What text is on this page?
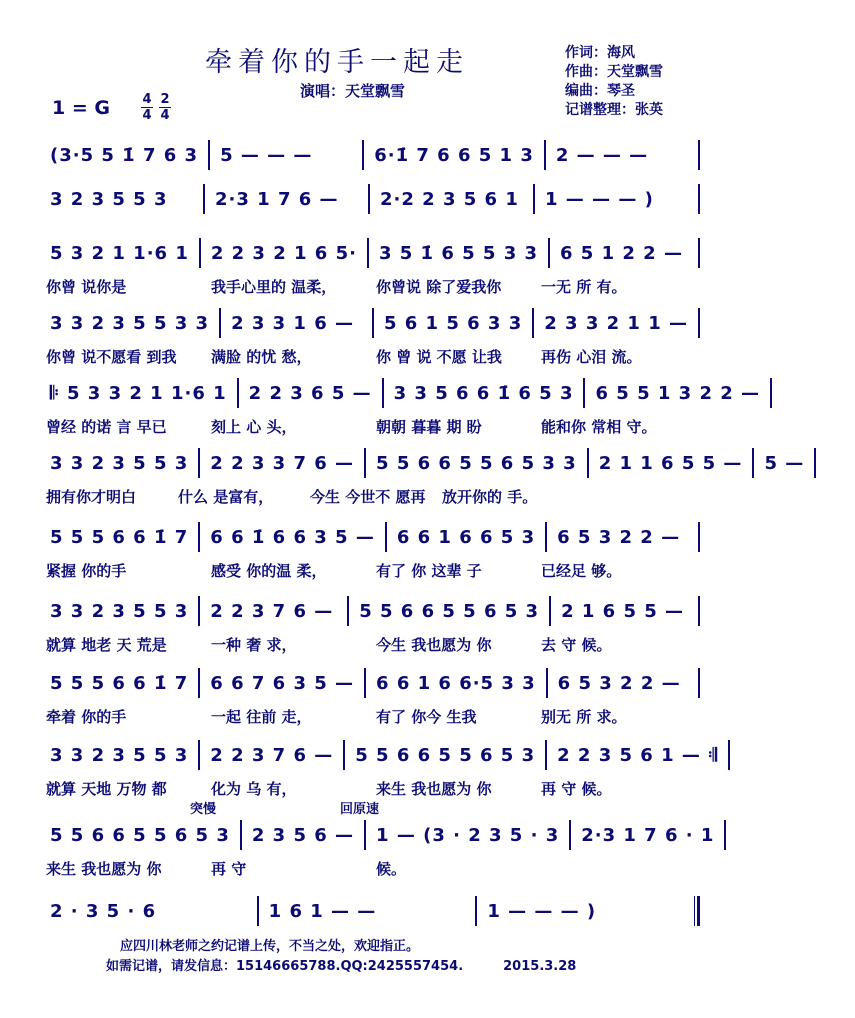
牵着你的手一起走
演唱：天堂飘雪
作词：海风
作曲：天堂飘雪
编曲：琴圣
记谱整理：张英
1 = G	4
4
2
4
(3·5 5 1̇ 7 6 3	5 — — —	6·1̇ 7 6 6 5 1 3	2 — — —
3 2 3 5 5 3	2·3 1 7 6 —	2·2 2 3 5 6 1	1 — — — )
5 3 2 1 1·6 1	2 2 3 2 1 6 5·	3 5 1̇ 6 5 5 3 3	6 5 1 2 2 —
你曾 说你是	我手心里的 温柔，	你曾说 除了爱我你	一无 所 有。
3 3 2 3 5 5 3 3	2 3 3 1 6 —	5 6 1 5 6 3 3	2 3 3 2 1 1 —
你曾 说不愿看 到我	满脸 的忧 愁，	你 曾 说 不愿 让我	再伤 心泪 流。
𝄆 5 3 3 2 1 1·6 1	2 2 3 6 5 —	3 3 5 6 6 1̇ 6 5 3	6 5 5 1 3 2 2 —
曾经 的诺 言 早已	刻上 心 头，	朝朝 暮暮 期 盼	能和你 常相 守。
3 3 2 3 5 5 3	2 2 3 3 7 6 —	5 5 6 6 5 5 6 5 3 3	2 1 1 6 5 5 —	5 —
拥有你才明白	什么 是富有，	今生 今世不 愿再	放开你的 手。
5 5 5 6 6 1̇ 7	6 6 1̇ 6 6 3 5 —	6 6 1 6 6 5 3	6 5 3 2 2 —
紧握 你的手	感受 你的温 柔，	有了 你 这辈 子	已经足 够。
3 3 2 3 5 5 3	2 2 3 7 6 —	5 5 6 6 5 5 6 5 3	2 1 6 5 5 —
就算 地老 天 荒是	一种 奢 求，	今生 我也愿为 你	去 守 候。
5 5 5 6 6 1̇ 7	6 6 7 6 3 5 —	6 6 1 6 6·5 3 3	6 5 3 2 2 —
牵着 你的手	一起 往前 走，	有了 你今 生我	别无 所 求。
3 3 2 3 5 5 3	2 2 3 7 6 —	5 5 6 6 5 5 6 5 3	2 2 3 5 6 1 — 𝄇
就算 天地 万物 都	化为 乌 有，	来生 我也愿为 你	再 守 候。
5 5 6 6 5 5 6 5 3	2 3 5 6 —	1 — (3 · 2 3 5 · 3	2·3 1 7 6 · 1
来生 我也愿为 你	再 守	候。
突慢	回原速
2 · 3 5 · 6	1 6 1 — —	1 — — — )
应四川林老师之约记谱上传，不当之处，欢迎指正。
如需记谱，请发信息：15146665788.QQ:2425557454.	2015.3.28
